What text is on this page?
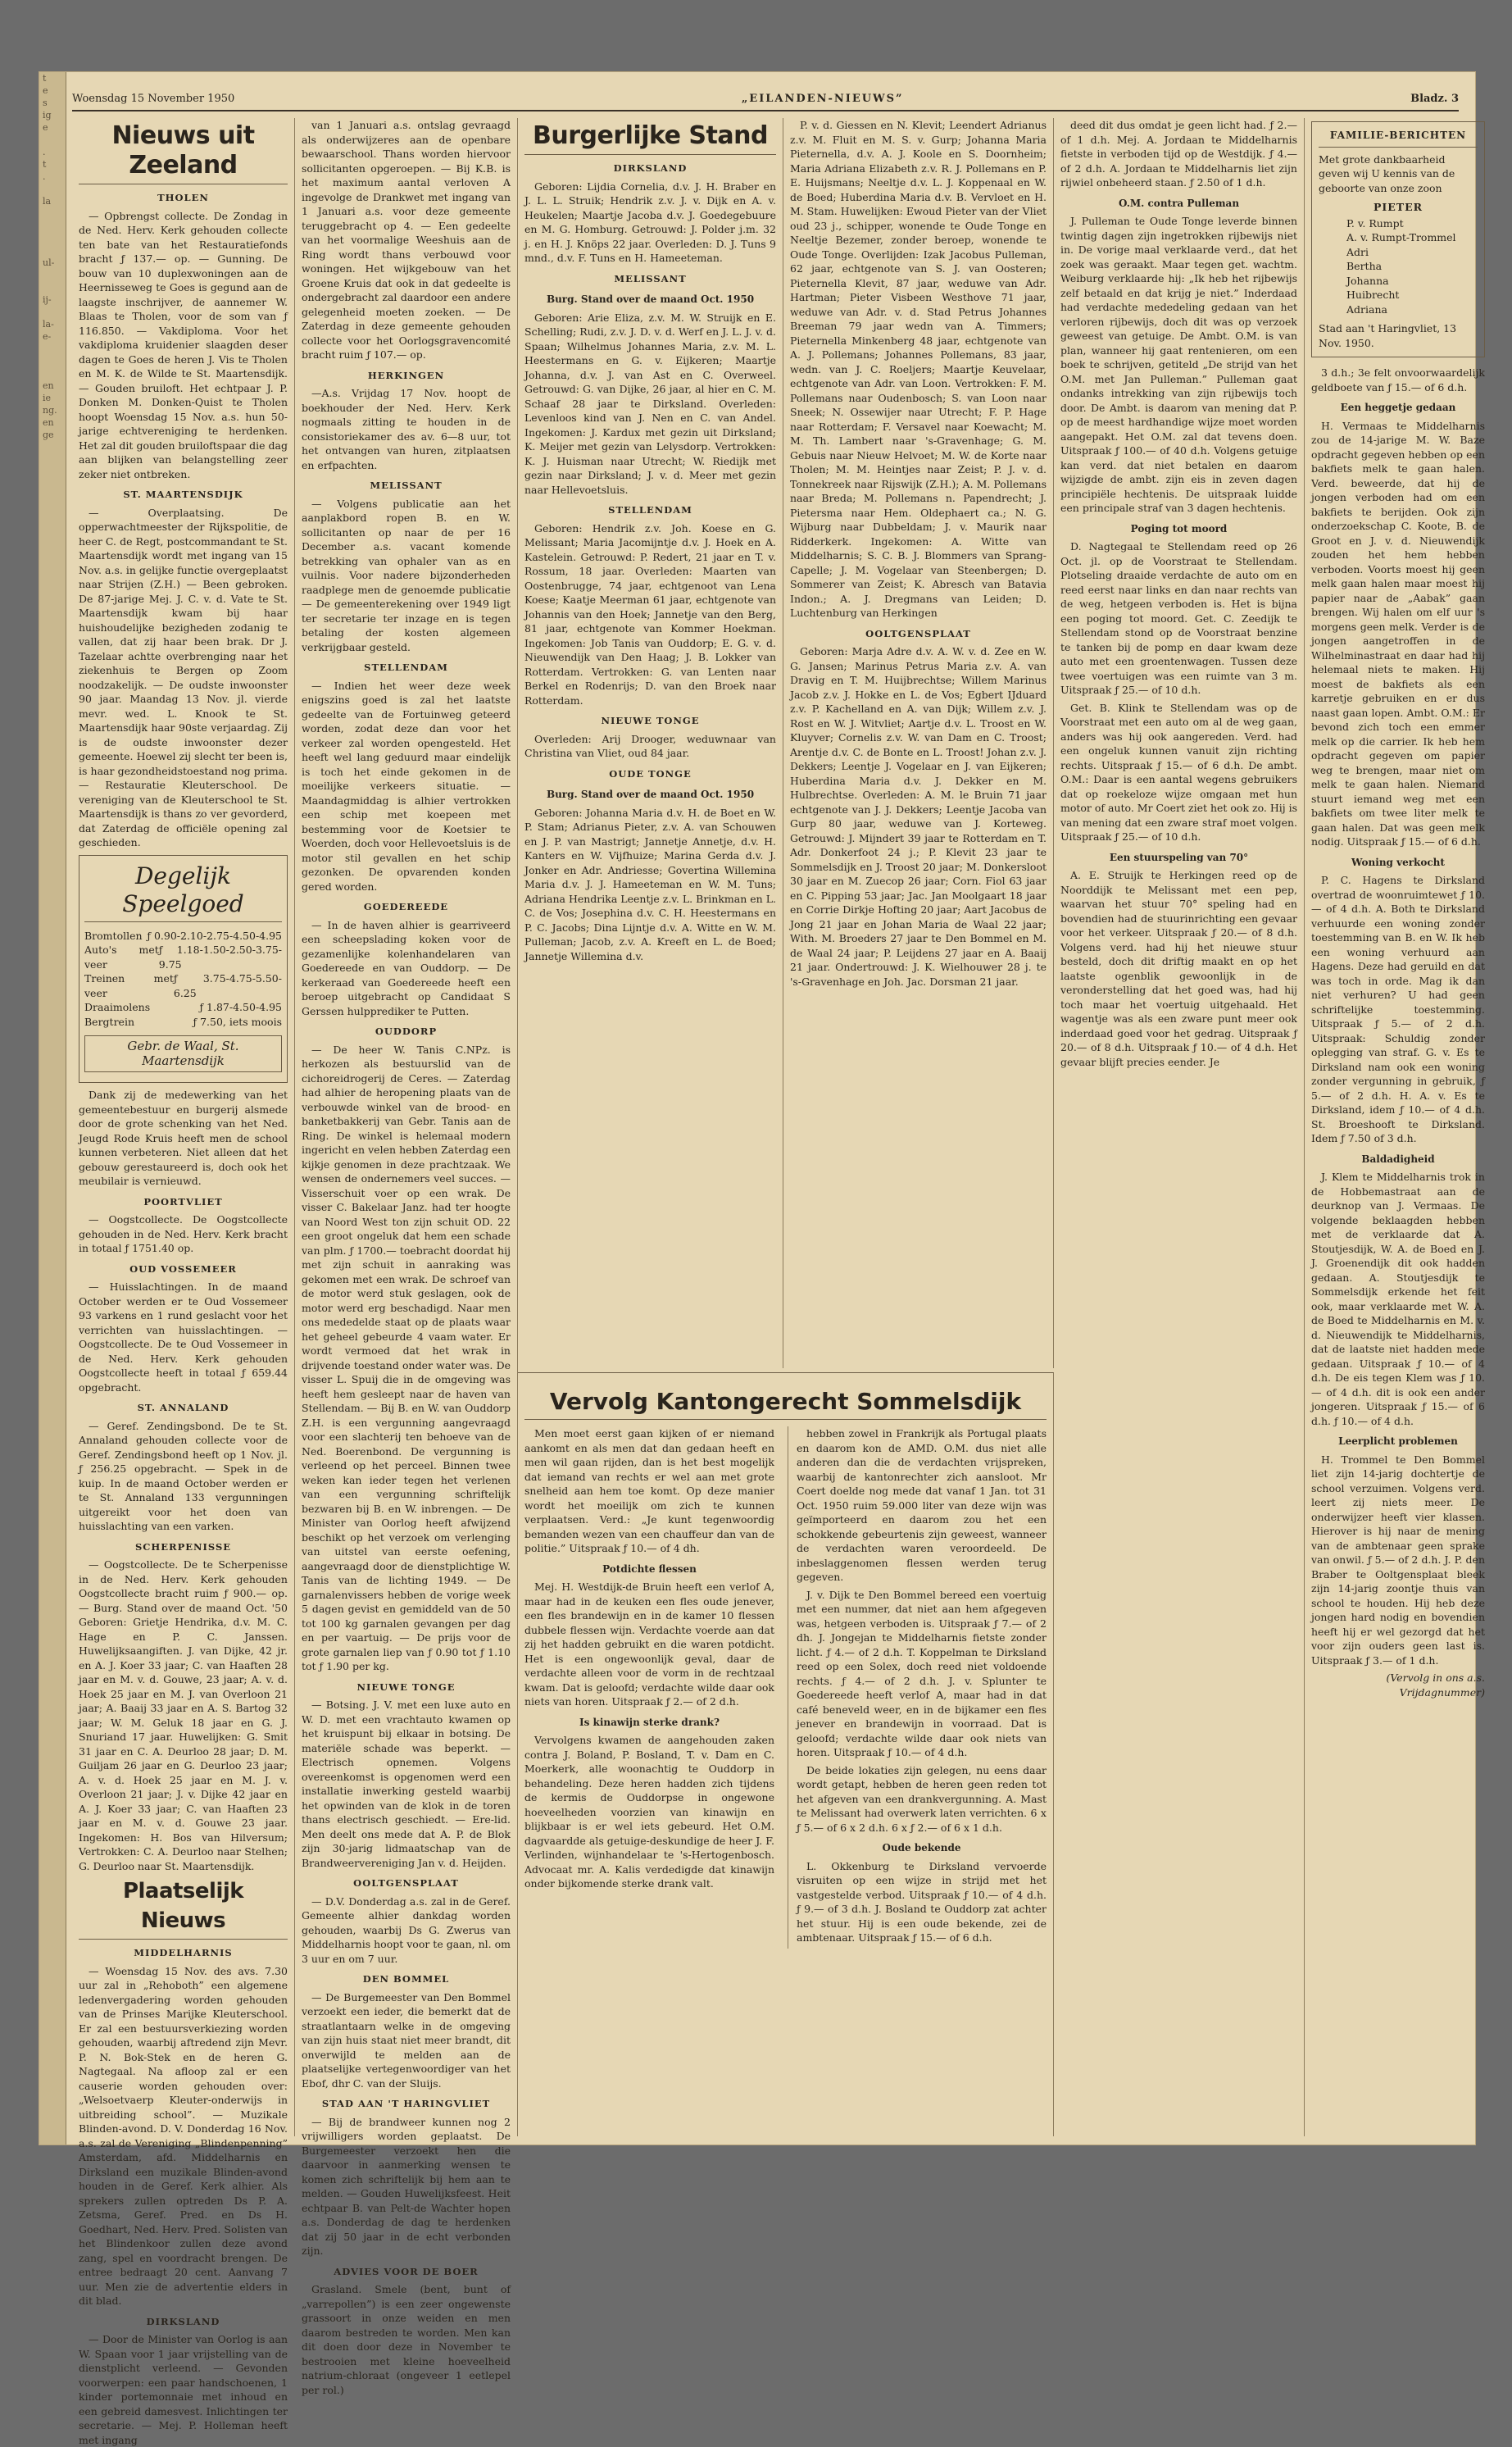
t
e
s
ig
e

.
t
.

la

ul-

ij-

la-
e-

en
ie
ng.
en
ge

Woensdag 15 November 1950	„EILANDEN-NIEUWS”	Bladz. 3
Nieuws uit Zeeland
THOLEN

— Opbrengst collecte. De Zondag in de Ned. Herv. Kerk gehouden collecte ten bate van het Restauratiefonds bracht ƒ 137.— op. — Gunning. De bouw van 10 duplexwoningen aan de Heernisseweg te Goes is gegund aan de laagste inschrijver, de aannemer W. Blaas te Tholen, voor de som van ƒ 116.850. — Vakdiploma. Voor het vakdiploma kruidenier slaagden deser dagen te Goes de heren J. Vis te Tholen en M. K. de Wilde te St. Maartensdijk. — Gouden bruiloft. Het echtpaar J. P. Donken M. Donken-Quist te Tholen hoopt Woensdag 15 Nov. a.s. hun 50-jarige echtvereniging te herdenken. Het zal dit gouden bruiloftspaar die dag aan blijken van belangstelling zeer zeker niet ontbreken.

ST. MAARTENSDIJK

— Overplaatsing. De opperwachtmeester der Rijkspolitie, de heer C. de Regt, postcommandant te St. Maartensdijk wordt met ingang van 15 Nov. a.s. in gelijke functie overgeplaatst naar Strijen (Z.H.) — Been gebroken. De 87-jarige Mej. J. C. v. d. Vate te St. Maartensdijk kwam bij haar huishoudelijke bezigheden zodanig te vallen, dat zij haar been brak. Dr J. Tazelaar achtte overbrenging naar het ziekenhuis te Bergen op Zoom noodzakelijk. — De oudste inwoonster 90 jaar. Maandag 13 Nov. jl. vierde mevr. wed. L. Knook te St. Maartensdijk haar 90ste verjaardag. Zij is de oudste inwoonster dezer gemeente. Hoewel zij slecht ter been is, is haar gezondheidstoestand nog prima. — Restauratie Kleuterschool. De vereniging van de Kleuterschool te St. Maartensdijk is thans zo ver gevorderd, dat Zaterdag de officiële opening zal geschieden.

Degelijk Speelgoed
Bromtollen ƒ 0.90-2.10-2.75-4.50-4.95
Auto's met veer
ƒ 1.18-1.50-2.50-3.75-9.75
Treinen met veer
ƒ 3.75-4.75-5.50-6.25
Draaimolens	ƒ 1.87-4.50-4.95
Bergtrein	ƒ 7.50, iets moois
Gebr. de Waal, St. Maartensdijk

Dank zij de medewerking van het gemeentebestuur en burgerij alsmede door de grote schenking van het Ned. Jeugd Rode Kruis heeft men de school kunnen verbeteren. Niet alleen dat het gebouw gerestaureerd is, doch ook het meubilair is vernieuwd.

POORTVLIET

— Oogstcollecte. De Oogstcollecte gehouden in de Ned. Herv. Kerk bracht in totaal ƒ 1751.40 op.

OUD VOSSEMEER

— Huisslachtingen. In de maand October werden er te Oud Vossemeer 93 varkens en 1 rund geslacht voor het verrichten van huisslachtingen. — Oogstcollecte. De te Oud Vossemeer in de Ned. Herv. Kerk gehouden Oogstcollecte heeft in totaal ƒ 659.44 opgebracht.

ST. ANNALAND

— Geref. Zendingsbond. De te St. Annaland gehouden collecte voor de Geref. Zendingsbond heeft op 1 Nov. jl. ƒ 256.25 opgebracht. — Spek in de kuip. In de maand October werden er te St. Annaland 133 vergunningen uitgereikt voor het doen van huisslachting van een varken.

SCHERPENISSE

— Oogstcollecte. De te Scherpenisse in de Ned. Herv. Kerk gehouden Oogstcollecte bracht ruim ƒ 900.— op. — Burg. Stand over de maand Oct. '50 Geboren: Grietje Hendrika, d.v. M. C. Hage en P. C. Janssen. Huwelijksaangiften. J. van Dijke, 42 jr. en A. J. Koer 33 jaar; C. van Haaften 28 jaar en M. v. d. Gouwe, 23 jaar; A. v. d. Hoek 25 jaar en M. J. van Overloon 21 jaar; A. Baaij 33 jaar en A. S. Bartog 32 jaar; W. M. Geluk 18 jaar en G. J. Snuriand 17 jaar. Huwelijken: G. Smit 31 jaar en C. A. Deurloo 28 jaar; D. M. Guiljam 26 jaar en G. Deurloo 23 jaar; A. v. d. Hoek 25 jaar en M. J. v. Overloon 21 jaar; J. v. Dijke 42 jaar en A. J. Koer 33 jaar; C. van Haaften 23 jaar en M. v. d. Gouwe 23 jaar. Ingekomen: H. Bos van Hilversum; Vertrokken: C. A. Deurloo naar Stelhen; G. Deurloo naar St. Maartensdijk.

Plaatselijk Nieuws
MIDDELHARNIS

— Woensdag 15 Nov. des avs. 7.30 uur zal in „Rehoboth” een algemene ledenvergadering worden gehouden van de Prinses Marijke Kleuterschool. Er zal een bestuursverkiezing worden gehouden, waarbij aftredend zijn Mevr. P. N. Bok-Stek en de heren G. Nagtegaal. Na afloop zal er een causerie worden gehouden over: „Welsoetvaerp Kleuter-onderwijs in uitbreiding school”. — Muzikale Blinden-avond. D. V. Donderdag 16 Nov. a.s. zal de Vereniging „Blindenpenning” Amsterdam, afd. Middelharnis en Dirksland een muzikale Blinden-avond houden in de Geref. Kerk alhier. Als sprekers zullen optreden Ds P. A. Zetsma, Geref. Pred. en Ds H. Goedhart, Ned. Herv. Pred. Solisten van het Blindenkoor zullen deze avond zang, spel en voordracht brengen. De entree bedraagt 20 cent. Aanvang 7 uur. Men zie de advertentie elders in dit blad.

DIRKSLAND

— Door de Minister van Oorlog is aan W. Spaan voor 1 jaar vrijstelling van de dienstplicht verleend. — Gevonden voorwerpen: een paar handschoenen, 1 kinder portemonnaie met inhoud en een gebreid damesvest. Inlichtingen ter secretarie. — Mej. P. Holleman heeft met ingang

van 1 Januari a.s. ontslag gevraagd als onderwijzeres aan de openbare bewaarschool. Thans worden hiervoor sollicitanten opgeroepen. — Bij K.B. is het maximum aantal verloven A ingevolge de Drankwet met ingang van 1 Januari a.s. voor deze gemeente teruggebracht op 4. — Een gedeelte van het voormalige Weeshuis aan de Ring wordt thans verbouwd voor woningen. Het wijkgebouw van het Groene Kruis dat ook in dat gedeelte is ondergebracht zal daardoor een andere gelegenheid moeten zoeken. — De Zaterdag in deze gemeente gehouden collecte voor het Oorlogsgravencomité bracht ruim ƒ 107.— op.

HERKINGEN

—A.s. Vrijdag 17 Nov. hoopt de boekhouder der Ned. Herv. Kerk nogmaals zitting te houden in de consistoriekamer des av. 6—8 uur, tot het ontvangen van huren, zitplaatsen en erfpachten.

MELISSANT

— Volgens publicatie aan het aanplakbord ropen B. en W. sollicitanten op naar de per 16 December a.s. vacant komende betrekking van ophaler van as en vuilnis. Voor nadere bijzonderheden raadplege men de genoemde publicatie — De gemeenterekening over 1949 ligt ter secretarie ter inzage en is tegen betaling der kosten algemeen verkrijgbaar gesteld.

STELLENDAM

— Indien het weer deze week enigszins goed is zal het laatste gedeelte van de Fortuinweg geteerd worden, zodat deze dan voor het verkeer zal worden opengesteld. Het heeft wel lang geduurd maar eindelijk is toch het einde gekomen in de moeilijke verkeers situatie. — Maandagmiddag is alhier vertrokken een schip met koepeen met bestemming voor de Koetsier te Woerden, doch voor Hellevoetsluis is de motor stil gevallen en het schip gezonken. De opvarenden konden gered worden.

GOEDEREEDE

— In de haven alhier is gearriveerd een scheepslading koken voor de gezamenlijke kolenhandelaren van Goedereede en van Ouddorp. — De kerkeraad van Goedereede heeft een beroep uitgebracht op Candidaat S Gerssen hulpprediker te Putten.

OUDDORP

— De heer W. Tanis C.NPz. is herkozen als bestuurslid van de cichoreidrogerij de Ceres. — Zaterdag had alhier de heropening plaats van de verbouwde winkel van de brood- en banketbakkerij van Gebr. Tanis aan de Ring. De winkel is helemaal modern ingericht en velen hebben Zaterdag een kijkje genomen in deze prachtzaak. We wensen de ondernemers veel succes. — Visserschuit voer op een wrak. De visser C. Bakelaar Janz. had ter hoogte van Noord West ton zijn schuit OD. 22 een groot ongeluk dat hem een schade van plm. ƒ 1700.— toebracht doordat hij met zijn schuit in aanraking was gekomen met een wrak. De schroef van de motor werd stuk geslagen, ook de motor werd erg beschadigd. Naar men ons mededelde staat op de plaats waar het geheel gebeurde 4 vaam water. Er wordt vermoed dat het wrak in drijvende toestand onder water was. De visser L. Spuij die in de omgeving was heeft hem gesleept naar de haven van Stellendam. — Bij B. en W. van Ouddorp Z.H. is een vergunning aangevraagd voor een slachterij ten behoeve van de Ned. Boerenbond. De vergunning is verleend op het perceel. Binnen twee weken kan ieder tegen het verlenen van een vergunning schriftelijk bezwaren bij B. en W. inbrengen. — De Minister van Oorlog heeft afwijzend beschikt op het verzoek om verlenging van uitstel van eerste oefening, aangevraagd door de dienstplichtige W. Tanis van de lichting 1949. — De garnalenvissers hebben de vorige week 5 dagen gevist en gemiddeld van de 50 tot 100 kg garnalen gevangen per dag en per vaartuig. — De prijs voor de grote garnalen liep van ƒ 0.90 tot ƒ 1.10 tot ƒ 1.90 per kg.

NIEUWE TONGE

— Botsing. J. V. met een luxe auto en W. D. met een vrachtauto kwamen op het kruispunt bij elkaar in botsing. De materiële schade was beperkt. — Electrisch opnemen. Volgens overeenkomst is opgenomen werd een installatie inwerking gesteld waarbij het opwinden van de klok in de toren thans electrisch geschiedt. — Ere-lid. Men deelt ons mede dat A. P. de Blok zijn 30-jarig lidmaatschap van de Brandweervereniging Jan v. d. Heijden.

OOLTGENSPLAAT

— D.V. Donderdag a.s. zal in de Geref. Gemeente alhier dankdag worden gehouden, waarbij Ds G. Zwerus van Middelharnis hoopt voor te gaan, nl. om 3 uur en om 7 uur.

DEN BOMMEL

— De Burgemeester van Den Bommel verzoekt een ieder, die bemerkt dat de straatlantaarn welke in de omgeving van zijn huis staat niet meer brandt, dit onverwijld te melden aan de plaatselijke vertegenwoordiger van het Ebof, dhr C. van der Sluijs.

STAD AAN 'T HARINGVLIET

— Bij de brandweer kunnen nog 2 vrijwilligers worden geplaatst. De Burgemeester verzoekt hen die daarvoor in aanmerking wensen te komen zich schriftelijk bij hem aan te melden. — Gouden Huwelijksfeest. Heit echtpaar B. van Pelt-de Wachter hopen a.s. Donderdag de dag te herdenken dat zij 50 jaar in de echt verbonden zijn.

ADVIES VOOR DE BOER

Grasland. Smele (bent, bunt of „varrepollen”) is een zeer ongewenste grassoort in onze weiden en men daarom bestreden te worden. Men kan dit doen door deze in November te bestrooien met kleine hoeveelheid natrium-chloraat (ongeveer 1 eetlepel per rol.)

Burgerlijke Stand
DIRKSLAND

Geboren: Lijdia Cornelia, d.v. J. H. Braber en J. L. L. Struik; Hendrik z.v. J. v. Dijk en A. v. Heukelen; Maartje Jacoba d.v. J. Goedegebuure en M. G. Homburg. Getrouwd: J. Polder j.m. 32 j. en H. J. Knöps 22 jaar. Overleden: D. J. Tuns 9 mnd., d.v. F. Tuns en H. Hameeteman.

MELISSANT
Burg. Stand over de maand Oct. 1950

Geboren: Arie Eliza, z.v. M. W. Struijk en E. Schelling; Rudi, z.v. J. D. v. d. Werf en J. L. J. v. d. Spaan; Wilhelmus Johannes Maria, z.v. M. L. Heestermans en G. v. Eijkeren; Maartje Johanna, d.v. J. van Ast en C. Overweel. Getrouwd: G. van Dijke, 26 jaar, al hier en C. M. Schaaf 28 jaar te Dirksland. Overleden: Levenloos kind van J. Nen en C. van Andel. Ingekomen: J. Kardux met gezin uit Dirksland; K. Meijer met gezin van Lelysdorp. Vertrokken: K. J. Huisman naar Utrecht; W. Riedijk met gezin naar Dirksland; J. v. d. Meer met gezin naar Hellevoetsluis.

STELLENDAM

Geboren: Hendrik z.v. Joh. Koese en G. Melissant; Maria Jacomijntje d.v. J. Hoek en A. Kastelein. Getrouwd: P. Redert, 21 jaar en T. v. Rossum, 18 jaar. Overleden: Maarten van Oostenbrugge, 74 jaar, echtgenoot van Lena Koese; Kaatje Meerman 61 jaar, echtgenote van Johannis van den Hoek; Jannetje van den Berg, 81 jaar, echtgenote van Kommer Hoekman. Ingekomen: Job Tanis van Ouddorp; E. G. v. d. Nieuwendijk van Den Haag; J. B. Lokker van Rotterdam. Vertrokken: G. van Lenten naar Berkel en Rodenrijs; D. van den Broek naar Rotterdam.

NIEUWE TONGE

Overleden: Arij Drooger, weduwnaar van Christina van Vliet, oud 84 jaar.

OUDE TONGE
Burg. Stand over de maand Oct. 1950

Geboren: Johanna Maria d.v. H. de Boet en W. P. Stam; Adrianus Pieter, z.v. A. van Schouwen en J. P. van Mastrigt; Jannetje Annetje, d.v. H. Kanters en W. Vijfhuize; Marina Gerda d.v. J. Jonker en Adr. Andriesse; Govertina Willemina Maria d.v. J. J. Hameeteman en W. M. Tuns; Adriana Hendrika Leentje z.v. L. Brinkman en L. C. de Vos; Josephina d.v. C. H. Heestermans en P. C. Jacobs; Dina Lijntje d.v. A. Witte en W. M. Pulleman; Jacob, z.v. A. Kreeft en L. de Boed; Jannetje Willemina d.v.

P. v. d. Giessen en N. Klevit; Leendert Adrianus z.v. M. Fluit en M. S. v. Gurp; Johanna Maria Pieternella, d.v. A. J. Koole en S. Doornheim; Maria Adriana Elizabeth z.v. R. J. Pollemans en P. E. Huijsmans; Neeltje d.v. L. J. Koppenaal en W. de Boed; Huberdina Maria d.v. B. Vervloet en H. M. Stam. Huwelijken: Ewoud Pieter van der Vliet oud 23 j., schipper, wonende te Oude Tonge en Neeltje Bezemer, zonder beroep, wonende te Oude Tonge. Overlijden: Izak Jacobus Pulleman, 62 jaar, echtgenote van S. J. van Oosteren; Pieternella Klevit, 87 jaar, weduwe van Adr. Hartman; Pieter Visbeen Westhove 71 jaar, weduwe van Adr. v. d. Stad Petrus Johannes Breeman 79 jaar wedn van A. Timmers; Pieternella Minkenberg 48 jaar, echtgenote van A. J. Pollemans; Johannes Pollemans, 83 jaar, wedn. van J. C. Roeljers; Maartje Keuvelaar, echtgenote van Adr. van Loon. Vertrokken: F. M. Pollemans naar Oudenbosch; S. van Loon naar Sneek; N. Ossewijer naar Utrecht; F. P. Hage naar Rotterdam; F. Versavel naar Koewacht; M. M. Th. Lambert naar 's-Gravenhage; G. M. Gebuis naar Nieuw Helvoet; M. W. de Korte naar Tholen; M. M. Heintjes naar Zeist; P. J. v. d. Tonnekreek naar Rijswijk (Z.H.); A. M. Pollemans naar Breda; M. Pollemans n. Papendrecht; J. Pietersma naar Hem. Oldephaert ca.; N. G. Wijburg naar Dubbeldam; J. v. Maurik naar Ridderkerk. Ingekomen: A. Witte van Middelharnis; S. C. B. J. Blommers van Sprang-Capelle; J. M. Vogelaar van Steenbergen; D. Sommerer van Zeist; K. Abresch van Batavia Indon.; A. J. Dregmans van Leiden; D. Luchtenburg van Herkingen

OOLTGENSPLAAT

Geboren: Marja Adre d.v. A. W. v. d. Zee en W. G. Jansen; Marinus Petrus Maria z.v. A. van Dravig en T. M. Huijbrechtse; Willem Marinus Jacob z.v. J. Hokke en L. de Vos; Egbert IJduard z.v. P. Kachelland en A. van Dijk; Willem z.v. J. Rost en W. J. Witvliet; Aartje d.v. L. Troost en W. Kluyver; Cornelis z.v. W. van Dam en C. Troost; Arentje d.v. C. de Bonte en L. Troost! Johan z.v. J. Dekkers; Leentje J. Vogelaar en J. van Eijkeren; Huberdina Maria d.v. J. Dekker en M. Hulbrechtse. Overleden: A. M. le Bruin 71 jaar echtgenote van J. J. Dekkers; Leentje Jacoba van Gurp 80 jaar, weduwe van J. Korteweg. Getrouwd: J. Mijndert 39 jaar te Rotterdam en T. Adr. Donkerfoot 24 j.; P. Klevit 23 jaar te Sommelsdijk en J. Troost 20 jaar; M. Donkersloot 30 jaar en M. Zuecop 26 jaar; Corn. Fiol 63 jaar en C. Pipping 53 jaar; Jac. Jan Moolgaart 18 jaar en Corrie Dirkje Hofting 20 jaar; Aart Jacobus de Jong 21 jaar en Johan Maria de Waal 22 jaar; With. M. Broeders 27 jaar te Den Bommel en M. de Waal 24 jaar; P. Leijdens 27 jaar en A. Baaij 21 jaar. Ondertrouwd: J. K. Wielhouwer 28 j. te 's-Gravenhage en Joh. Jac. Dorsman 21 jaar.

Vervolg Kantongerecht Sommelsdijk

Men moet eerst gaan kijken of er niemand aankomt en als men dat dan gedaan heeft en men wil gaan rijden, dan is het best mogelijk dat iemand van rechts er wel aan met grote snelheid aan hem toe komt. Op deze manier wordt het moeilijk om zich te kunnen verplaatsen. Verd.: „Je kunt tegenwoordig bemanden wezen van een chauffeur dan van de politie.” Uitspraak ƒ 10.— of 4 dh.

Potdichte flessen

Mej. H. Westdijk-de Bruin heeft een verlof A, maar had in de keuken een fles oude jenever, een fles brandewijn en in de kamer 10 flessen dubbele flessen wijn. Verdachte voerde aan dat zij het hadden gebruikt en die waren potdicht. Het is een ongewoonlijk geval, daar de verdachte alleen voor de vorm in de rechtzaal kwam. Dat is geloofd; verdachte wilde daar ook niets van horen. Uitspraak ƒ 2.— of 2 d.h.

Is kinawijn sterke drank?

Vervolgens kwamen de aangehouden zaken contra J. Boland, P. Bosland, T. v. Dam en C. Moerkerk, alle woonachtig te Ouddorp in behandeling. Deze heren hadden zich tijdens de kermis de Ouddorpse in ongewone hoeveelheden voorzien van kinawijn en blijkbaar is er wel iets gebeurd. Het O.M. dagvaardde als getuige-deskundige de heer J. F. Verlinden, wijnhandelaar te 's-Hertogenbosch. Advocaat mr. A. Kalis verdedigde dat kinawijn onder bijkomende sterke drank valt.

hebben zowel in Frankrijk als Portugal plaats en daarom kon de AMD. O.M. dus niet alle anderen dan die de verdachten vrijspreken, waarbij de kantonrechter zich aansloot. Mr Coert doelde nog mede dat vanaf 1 Jan. tot 31 Oct. 1950 ruim 59.000 liter van deze wijn was geïmporteerd en daarom zou het een schokkende gebeurtenis zijn geweest, wanneer de verdachten waren veroordeeld. De inbeslaggenomen flessen werden terug gegeven.

J. v. Dijk te Den Bommel bereed een voertuig met een nummer, dat niet aan hem afgegeven was, hetgeen verboden is. Uitspraak ƒ 7.— of 2 dh. J. Jongejan te Middelharnis fietste zonder licht. ƒ 4.— of 2 d.h. T. Koppelman te Dirksland reed op een Solex, doch reed niet voldoende rechts. ƒ 4.— of 2 d.h. J. v. Splunter te Goedereede heeft verlof A, maar had in dat café beneveld weer, en in de bijkamer een fles jenever en brandewijn in voorraad. Dat is geloofd; verdachte wilde daar ook niets van horen. Uitspraak ƒ 10.— of 4 d.h.

De beide lokaties zijn gelegen, nu eens daar wordt getapt, hebben de heren geen reden tot het afgeven van een drankvergunning. A. Mast te Melissant had overwerk laten verrichten. 6 x ƒ 5.— of 6 x 2 d.h. 6 x ƒ 2.— of 6 x 1 d.h.

Oude bekende

L. Okkenburg te Dirksland vervoerde visruiten op een wijze in strijd met het vastgestelde verbod. Uitspraak ƒ 10.— of 4 d.h. ƒ 9.— of 3 d.h. J. Bosland te Ouddorp zat achter het stuur. Hij is een oude bekende, zei de ambtenaar. Uitspraak ƒ 15.— of 6 d.h.

deed dit dus omdat je geen licht had. ƒ 2.— of 1 d.h. Mej. A. Jordaan te Middelharnis fietste in verboden tijd op de Westdijk. ƒ 4.— of 2 d.h. A. Jordaan te Middelharnis liet zijn rijwiel onbeheerd staan. ƒ 2.50 of 1 d.h.

O.M. contra Pulleman

J. Pulleman te Oude Tonge leverde binnen twintig dagen zijn ingetrokken rijbewijs niet in. De vorige maal verklaarde verd., dat het zoek was geraakt. Maar tegen get. wachtm. Weiburg verklaarde hij: „Ik heb het rijbewijs zelf betaald en dat krijg je niet.” Inderdaad had verdachte mededeling gedaan van het verloren rijbewijs, doch dit was op verzoek geweest van getuige. De Ambt. O.M. is van plan, wanneer hij gaat rentenieren, om een boek te schrijven, getiteld „De strijd van het O.M. met Jan Pulleman.” Pulleman gaat ondanks intrekking van zijn rijbewijs toch door. De Ambt. is daarom van mening dat P. op de meest hardhandige wijze moet worden aangepakt. Het O.M. zal dat tevens doen. Uitspraak ƒ 100.— of 40 d.h. Volgens getuige kan verd. dat niet betalen en daarom wijzigde de ambt. zijn eis in zeven dagen principiële hechtenis. De uitspraak luidde een principale straf van 3 dagen hechtenis.

Poging tot moord

D. Nagtegaal te Stellendam reed op 26 Oct. jl. op de Voorstraat te Stellendam. Plotseling draaide verdachte de auto om en reed eerst naar links en dan naar rechts van de weg, hetgeen verboden is. Het is bijna een poging tot moord. Get. C. Zeedijk te Stellendam stond op de Voorstraat benzine te tanken bij de pomp en daar kwam deze auto met een groentenwagen. Tussen deze twee voertuigen was een ruimte van 3 m. Uitspraak ƒ 25.— of 10 d.h.

Get. B. Klink te Stellendam was op de Voorstraat met een auto om al de weg gaan, anders was hij ook aangereden. Verd. had een ongeluk kunnen vanuit zijn richting rechts. Uitspraak ƒ 15.— of 6 d.h. De ambt. O.M.: Daar is een aantal wegens gebruikers dat op roekeloze wijze omgaan met hun motor of auto. Mr Coert ziet het ook zo. Hij is van mening dat een zware straf moet volgen. Uitspraak ƒ 25.— of 10 d.h.

Een stuurspeling van 70°

A. E. Struijk te Herkingen reed op de Noorddijk te Melissant met een pep, waarvan het stuur 70° speling had en bovendien had de stuurinrichting een gevaar voor het verkeer. Uitspraak ƒ 20.— of 8 d.h. Volgens verd. had hij het nieuwe stuur besteld, doch dit driftig maakt en op het laatste ogenblik gewoonlijk in de veronderstelling dat het goed was, had hij toch maar het voertuig uitgehaald. Het wagentje was als een zware punt meer ook inderdaad goed voor het gedrag. Uitspraak ƒ 20.— of 8 d.h. Uitspraak ƒ 10.— of 4 d.h. Het gevaar blijft precies eender. Je

FAMILIE-BERICHTEN
Met grote dankbaarheid geven wij U kennis van de geboorte van onze zoon
PIETER
P. v. Rumpt
A. v. Rumpt-Trommel
Adri
Bertha
Johanna
Huibrecht
Adriana
Stad aan 't Haringvliet, 13 Nov. 1950.

3 d.h.; 3e felt onvoorwaardelijk geldboete van ƒ 15.— of 6 d.h.

Een heggetje gedaan

H. Vermaas te Middelharnis zou de 14-jarige M. W. Baze opdracht gegeven hebben op een bakfiets melk te gaan halen. Verd. beweerde, dat hij de jongen verboden had om een bakfiets te berijden. Ook zijn onderzoekschap C. Koote, B. de Groot en J. v. d. Nieuwendijk zouden het hem hebben verboden. Voorts moest hij geen melk gaan halen maar moest hij papier naar de „Aabak” gaan brengen. Wij halen om elf uur 's morgens geen melk. Verder is de jongen aangetroffen in de Wilhelminastraat en daar had hij helemaal niets te maken. Hij moest de bakfiets als een karretje gebruiken en er dus naast gaan lopen. Ambt. O.M.: Er bevond zich toch een emmer melk op die carrier. Ik heb hem opdracht gegeven om papier weg te brengen, maar niet om melk te gaan halen. Niemand stuurt iemand weg met een bakfiets om twee liter melk te gaan halen. Dat was geen melk nodig. Uitspraak ƒ 15.— of 6 d.h.

Woning verkocht

P. C. Hagens te Dirksland overtrad de woonruimtewet ƒ 10.— of 4 d.h. A. Both te Dirksland verhuurde een woning zonder toestemming van B. en W. Ik heb een woning verhuurd aan Hagens. Deze had geruild en dat was toch in orde. Mag ik dan niet verhuren? U had geen schriftelijke toestemming. Uitspraak ƒ 5.— of 2 d.h. Uitspraak: Schuldig zonder oplegging van straf. G. v. Es te Dirksland nam ook een woning zonder vergunning in gebruik, ƒ 5.— of 2 d.h. H. A. v. Es te Dirksland, idem ƒ 10.— of 4 d.h. St. Broeshooft te Dirksland. Idem ƒ 7.50 of 3 d.h.

Baldadigheid

J. Klem te Middelharnis trok in de Hobbemastraat aan de deurknop van J. Vermaas. De volgende beklaagden hebben met de verklaarde dat A. Stoutjesdijk, W. A. de Boed en J. J. Groenendijk dit ook hadden gedaan. A. Stoutjesdijk te Sommelsdijk erkende het feit ook, maar verklaarde met W. A. de Boed te Middelharnis en M. v. d. Nieuwendijk te Middelharnis, dat de laatste niet hadden mede gedaan. Uitspraak ƒ 10.— of 4 d.h. De eis tegen Klem was ƒ 10.— of 4 d.h. dit is ook een ander jongeren. Uitspraak ƒ 15.— of 6 d.h. ƒ 10.— of 4 d.h.

Leerplicht problemen

H. Trommel te Den Bommel liet zijn 14-jarig dochtertje de school verzuimen. Volgens verd. leert zij niets meer. De onderwijzer heeft vier klassen. Hierover is hij naar de mening van de ambtenaar geen sprake van onwil. ƒ 5.— of 2 d.h. J. P. den Braber te Ooltgensplaat bleek zijn 14-jarig zoontje thuis van school te houden. Hij heb deze jongen hard nodig en bovendien heeft hij er wel gezorgd dat het voor zijn ouders geen last is. Uitspraak ƒ 3.— of 1 d.h.

(Vervolg in ons a.s. Vrijdagnummer)
